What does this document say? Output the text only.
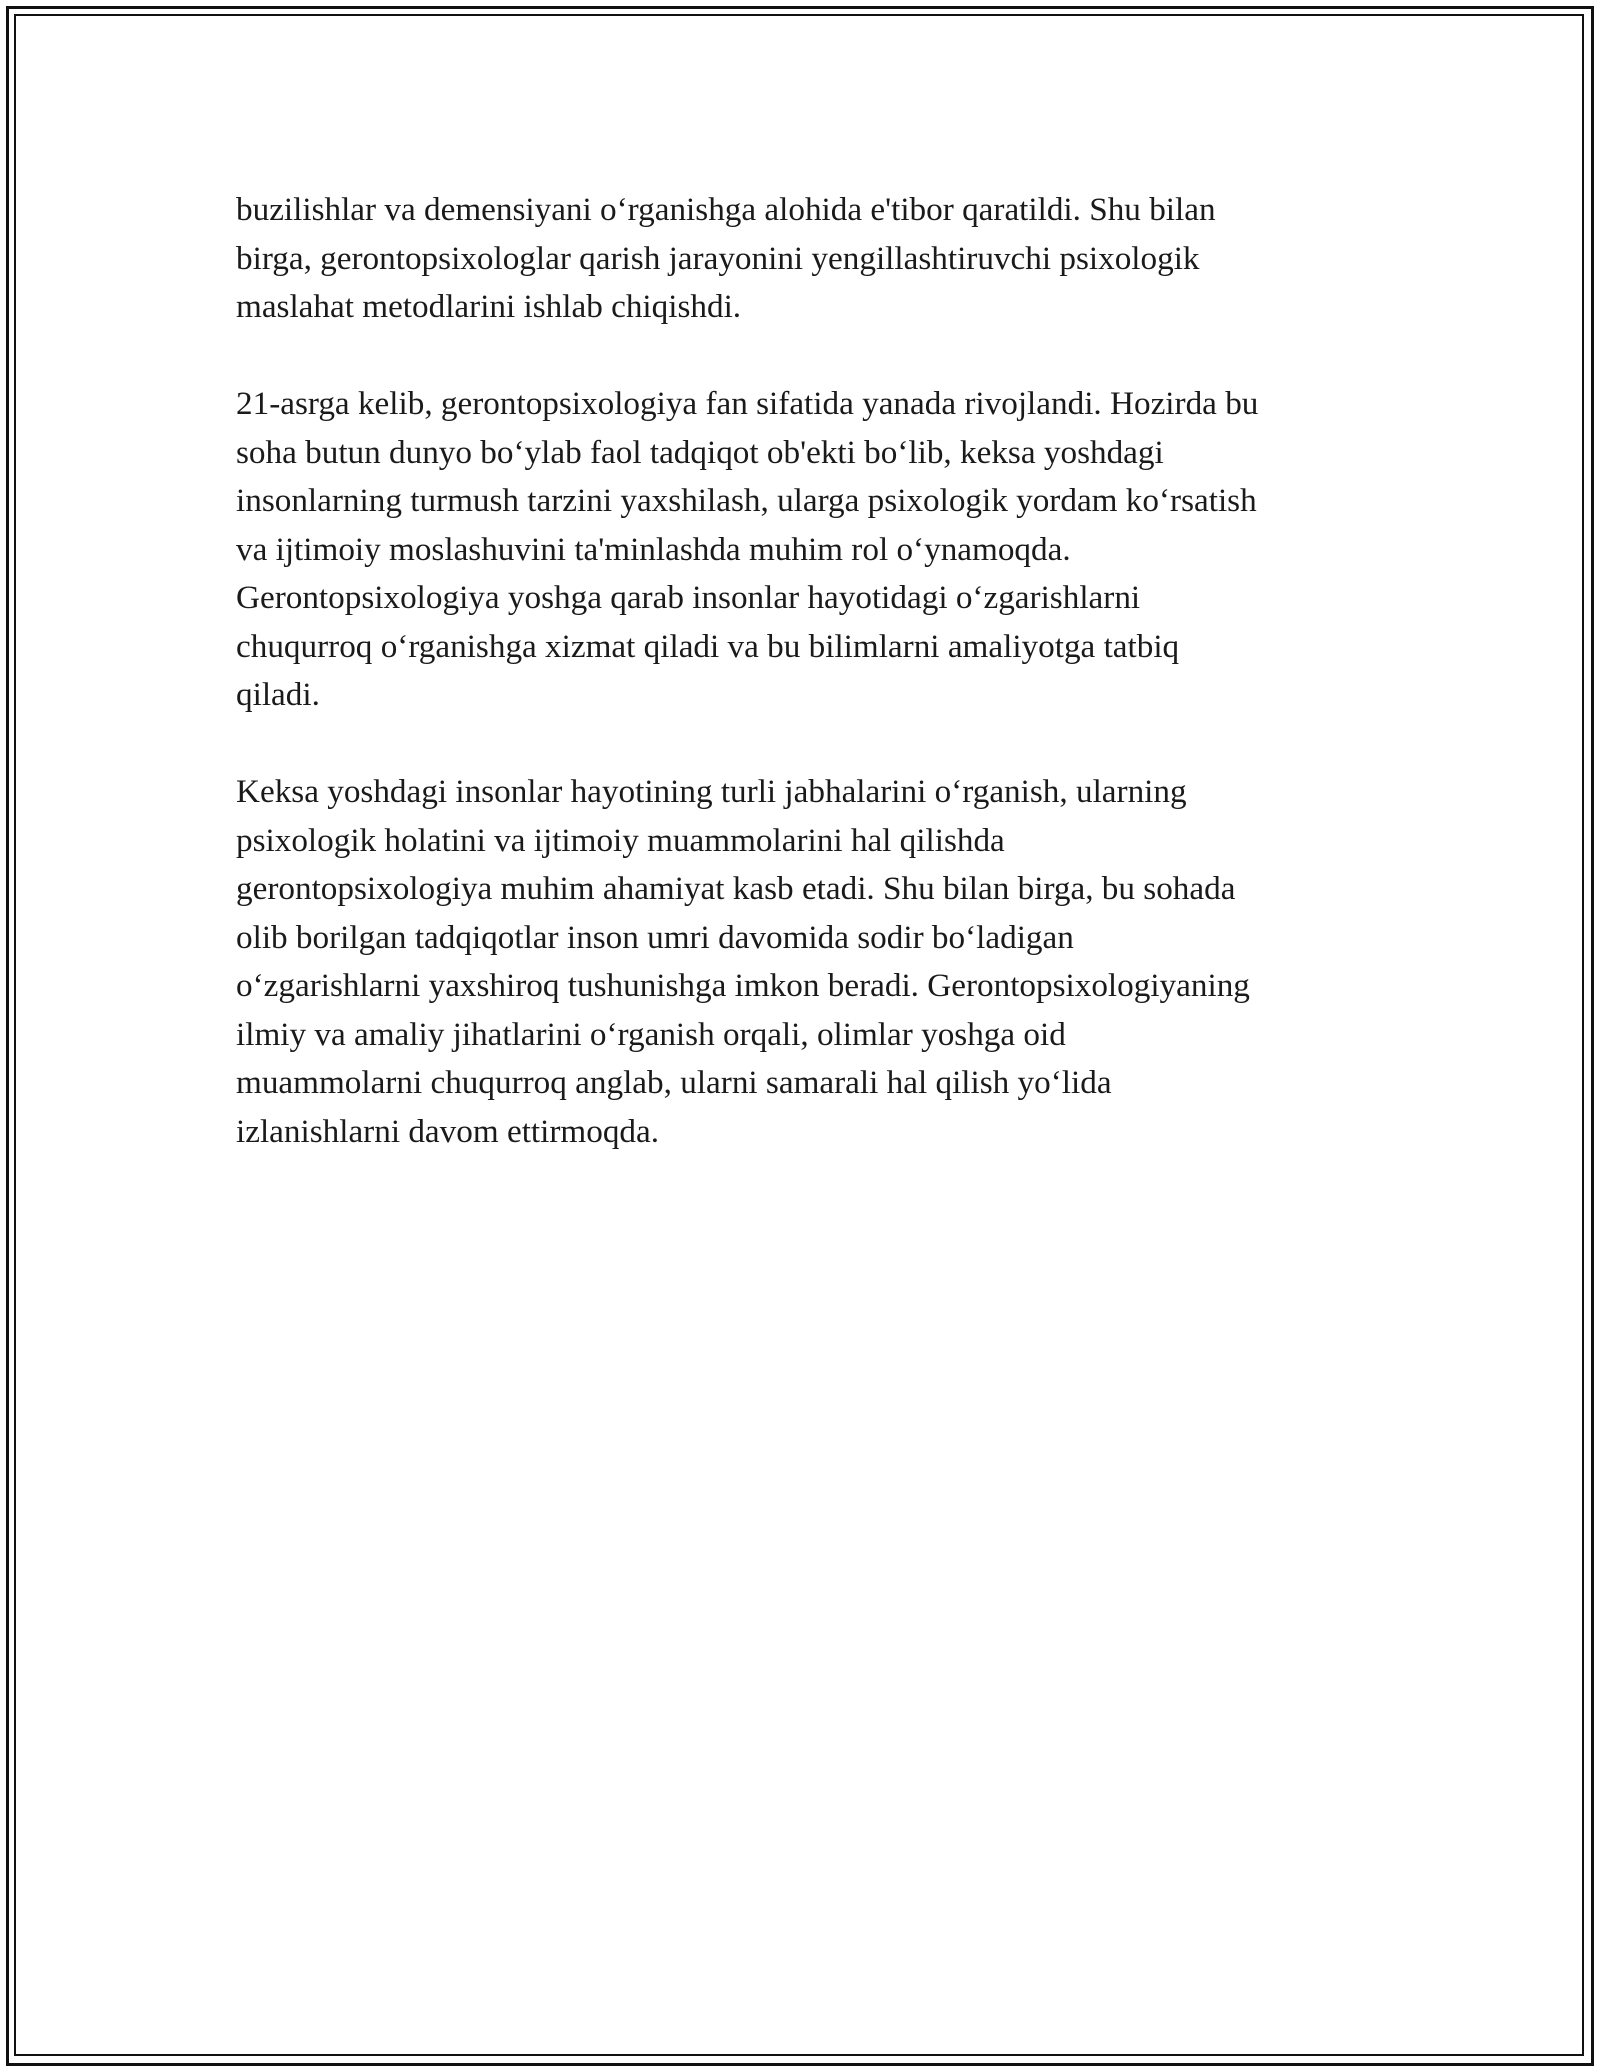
buzilishlar va demensiyani o‘rganishga alohida e'tibor qaratildi. Shu bilan
birga, gerontopsixologlar qarish jarayonini yengillashtiruvchi psixologik
maslahat metodlarini ishlab chiqishdi.

21-asrga kelib, gerontopsixologiya fan sifatida yanada rivojlandi. Hozirda bu
soha butun dunyo bo‘ylab faol tadqiqot ob'ekti bo‘lib, keksa yoshdagi
insonlarning turmush tarzini yaxshilash, ularga psixologik yordam ko‘rsatish
va ijtimoiy moslashuvini ta'minlashda muhim rol o‘ynamoqda.
Gerontopsixologiya yoshga qarab insonlar hayotidagi o‘zgarishlarni
chuqurroq o‘rganishga xizmat qiladi va bu bilimlarni amaliyotga tatbiq
qiladi.

Keksa yoshdagi insonlar hayotining turli jabhalarini o‘rganish, ularning
psixologik holatini va ijtimoiy muammolarini hal qilishda
gerontopsixologiya muhim ahamiyat kasb etadi. Shu bilan birga, bu sohada
olib borilgan tadqiqotlar inson umri davomida sodir bo‘ladigan
o‘zgarishlarni yaxshiroq tushunishga imkon beradi. Gerontopsixologiyaning
ilmiy va amaliy jihatlarini o‘rganish orqali, olimlar yoshga oid
muammolarni chuqurroq anglab, ularni samarali hal qilish yo‘lida
izlanishlarni davom ettirmoqda.
